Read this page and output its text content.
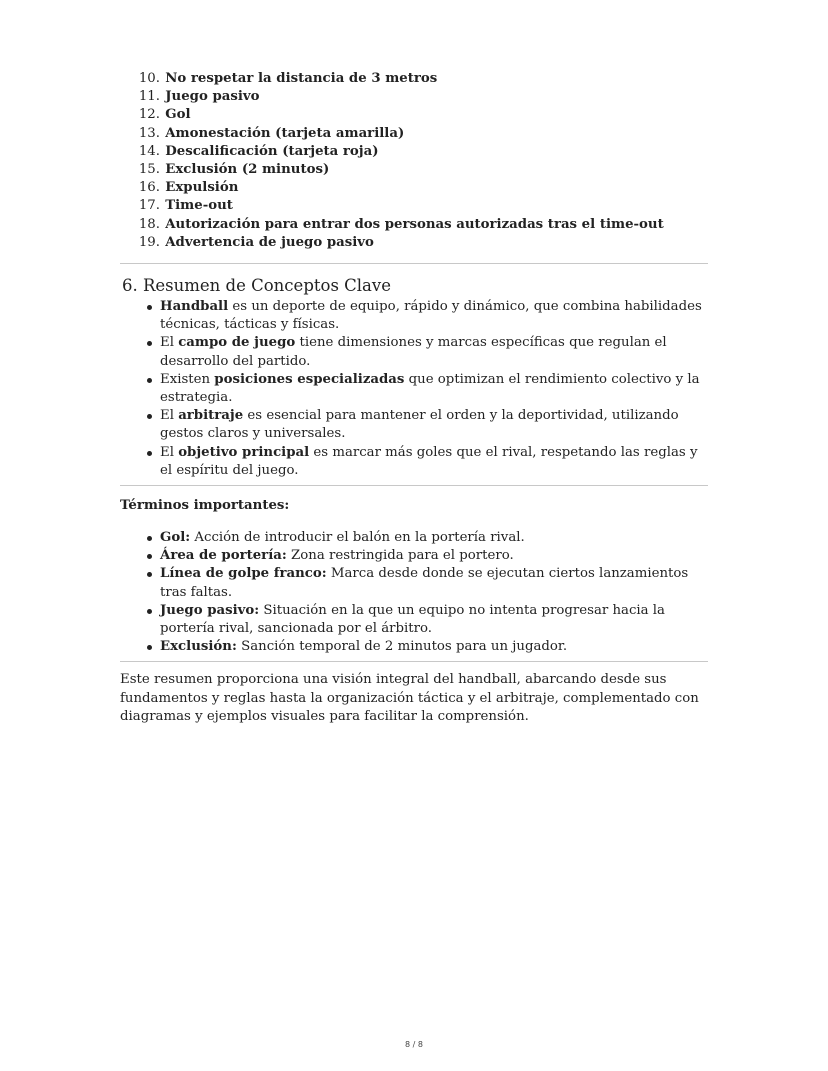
10. No respetar la distancia de 3 metros
11. Juego pasivo
12. Gol
13. Amonestación (tarjeta amarilla)
14. Descalificación (tarjeta roja)
15. Exclusión (2 minutos)
16. Expulsión
17. Time-out
18. Autorización para entrar dos personas autorizadas tras el time-out
19. Advertencia de juego pasivo
6. Resumen de Conceptos Clave
Handball es un deporte de equipo, rápido y dinámico, que combina habilidades técnicas, tácticas y físicas.
El campo de juego tiene dimensiones y marcas específicas que regulan el desarrollo del partido.
Existen posiciones especializadas que optimizan el rendimiento colectivo y la estrategia.
El arbitraje es esencial para mantener el orden y la deportividad, utilizando gestos claros y universales.
El objetivo principal es marcar más goles que el rival, respetando las reglas y el espíritu del juego.
Términos importantes:
Gol: Acción de introducir el balón en la portería rival.
Área de portería: Zona restringida para el portero.
Línea de golpe franco: Marca desde donde se ejecutan ciertos lanzamientos tras faltas.
Juego pasivo: Situación en la que un equipo no intenta progresar hacia la portería rival, sancionada por el árbitro.
Exclusión: Sanción temporal de 2 minutos para un jugador.

Este resumen proporciona una visión integral del handball, abarcando desde sus fundamentos y reglas hasta la organización táctica y el arbitraje, complementado con diagramas y ejemplos visuales para facilitar la comprensión.

8 / 8
